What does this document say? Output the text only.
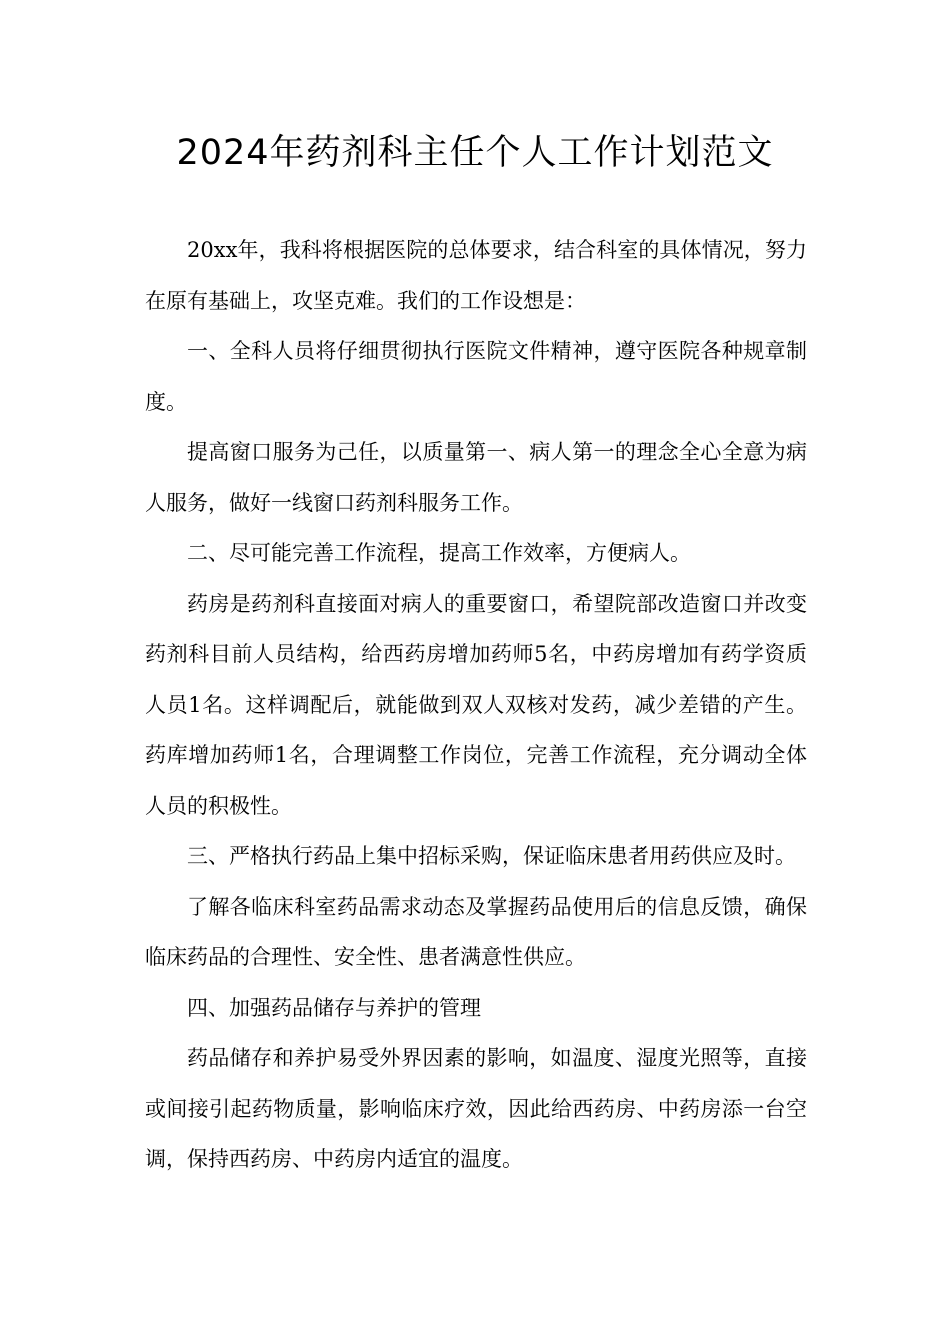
2024年药剂科主任个人工作计划范文

20xx年，我科将根据医院的总体要求，结合科室的具体情况，努力在原有基础上，攻坚克难。我们的工作设想是：

一、全科人员将仔细贯彻执行医院文件精神，遵守医院各种规章制度。

提高窗口服务为己任，以质量第一、病人第一的理念全心全意为病人服务，做好一线窗口药剂科服务工作。

二、尽可能完善工作流程，提高工作效率，方便病人。

药房是药剂科直接面对病人的重要窗口，希望院部改造窗口并改变药剂科目前人员结构，给西药房增加药师5名，中药房增加有药学资质人员1名。这样调配后，就能做到双人双核对发药，减少差错的产生。药库增加药师1名，合理调整工作岗位，完善工作流程，充分调动全体人员的积极性。

三、严格执行药品上集中招标采购，保证临床患者用药供应及时。

了解各临床科室药品需求动态及掌握药品使用后的信息反馈，确保临床药品的合理性、安全性、患者满意性供应。

四、加强药品储存与养护的管理

药品储存和养护易受外界因素的影响，如温度、湿度光照等，直接或间接引起药物质量，影响临床疗效，因此给西药房、中药房添一台空调，保持西药房、中药房内适宜的温度。
